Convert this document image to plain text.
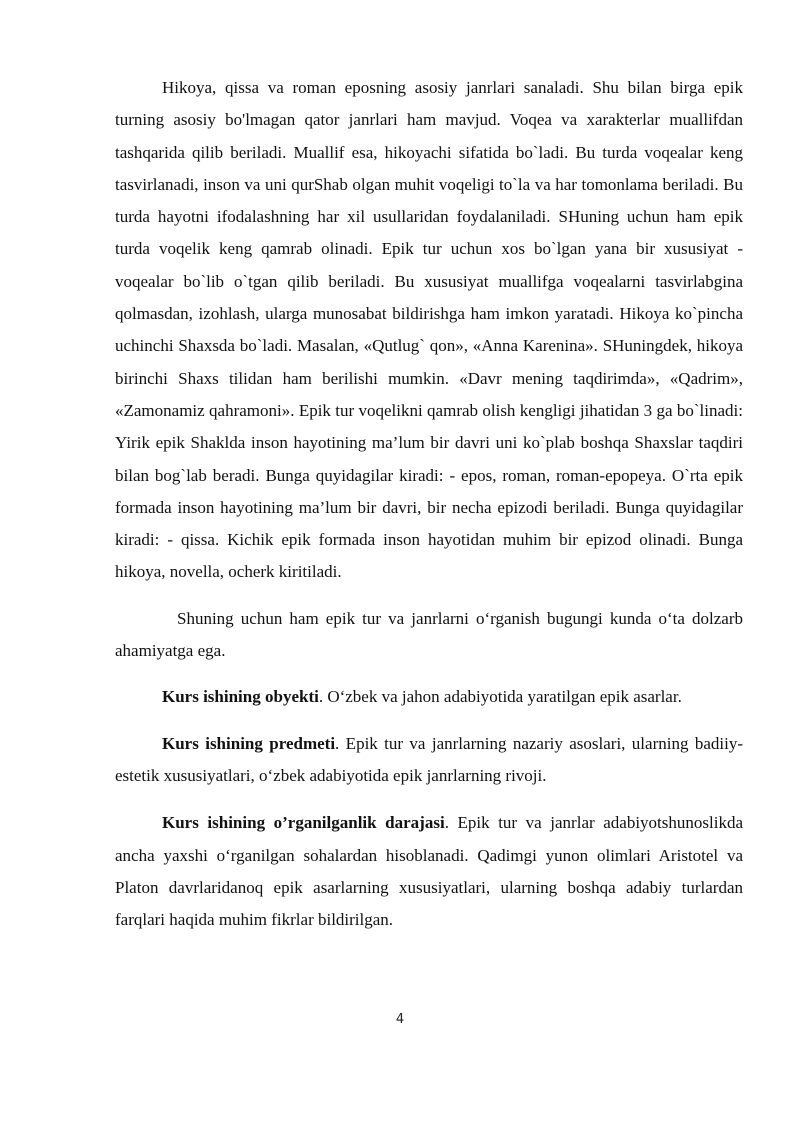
Hikoya, qissa va roman eposning asosiy janrlari sanaladi. Shu bilan birga epik turning asosiy bo'lmagan qator janrlari ham mavjud. Voqea va xarakterlar muallifdan tashqarida qilib beriladi. Muallif esa, hikoyachi sifatida bo`ladi. Bu turda voqealar keng tasvirlanadi, inson va uni qurShab olgan muhit voqeligi to`la va har tomonlama beriladi. Bu turda hayotni ifodalashning har xil usullaridan foydalaniladi. SHuning uchun ham epik turda voqelik keng qamrab olinadi. Epik tur uchun xos bo`lgan yana bir xususiyat - voqealar bo`lib o`tgan qilib beriladi. Bu xususiyat muallifga voqealarni tasvirlabgina qolmasdan, izohlash, ularga munosabat bildirishga ham imkon yaratadi. Hikoya ko`pincha uchinchi Shaxsda bo`ladi. Masalan, «Qutlug` qon», «Anna Karenina». SHuningdek, hikoya birinchi Shaxs tilidan ham berilishi mumkin. «Davr mening taqdirimda», «Qadrim», «Zamonamiz qahramoni». Epik tur voqelikni qamrab olish kengligi jihatidan 3 ga bo`linadi: Yirik epik Shaklda inson hayotining ma’lum bir davri uni ko`plab boshqa Shaxslar taqdiri bilan bog`lab beradi. Bunga quyidagilar kiradi: - epos, roman, roman-epopeya. O`rta epik formada inson hayotining ma’lum bir davri, bir necha epizodi beriladi. Bunga quyidagilar kiradi: - qissa. Kichik epik formada inson hayotidan muhim bir epizod olinadi. Bunga hikoya, novella, ocherk kiritiladi.

Shuning uchun ham epik tur va janrlarni o‘rganish bugungi kunda o‘ta dolzarb ahamiyatga ega.

Kurs ishining obyekti. O‘zbek va jahon adabiyotida yaratilgan epik asarlar.

Kurs ishining predmeti. Epik tur va janrlarning nazariy asoslari, ularning badiiy-estetik xususiyatlari, o‘zbek adabiyotida epik janrlarning rivoji.

Kurs ishining o’rganilganlik darajasi. Epik tur va janrlar adabiyotshunoslikda ancha yaxshi o‘rganilgan sohalardan hisoblanadi. Qadimgi yunon olimlari Aristotel va Platon davrlaridanoq epik asarlarning xususiyatlari, ularning boshqa adabiy turlardan farqlari haqida muhim fikrlar bildirilgan.

4
